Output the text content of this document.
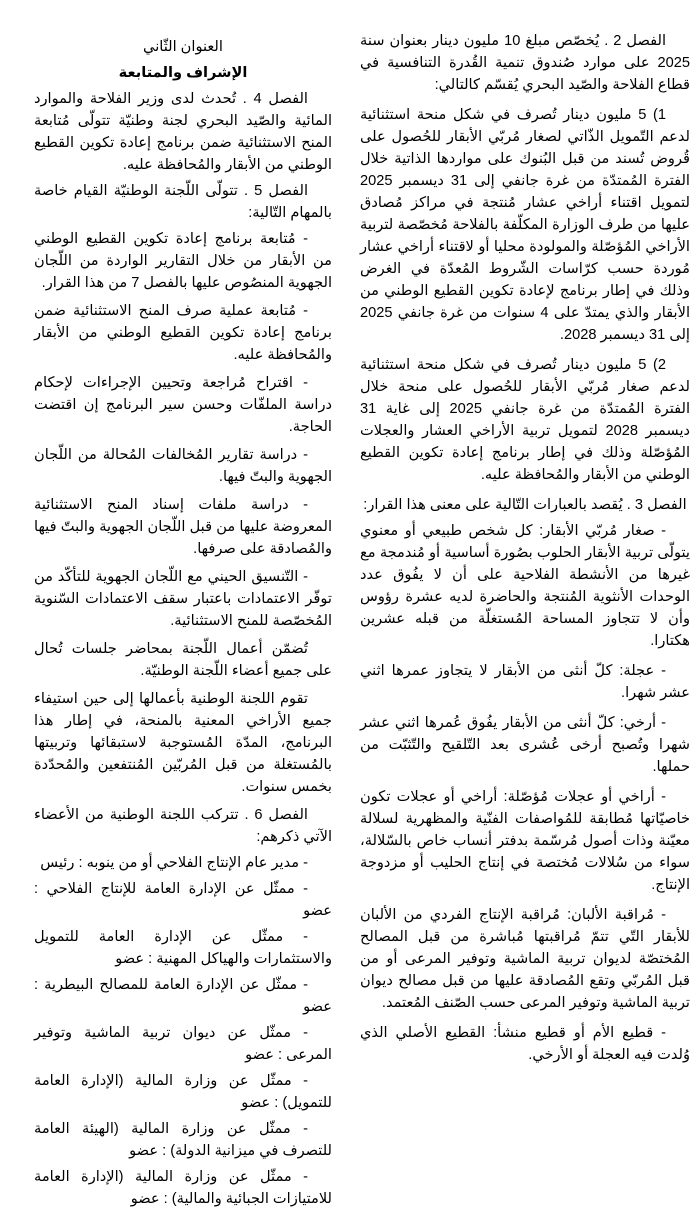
الفصل 2 . يُخصّص مبلغ 10 مليون دينار بعنوان سنة 2025 على موارد صُندوق تنمية القُدرة التنافسية في قطاع الفلاحة والصّيد البحري يُقسّم كالتالي:

1) 5 مليون دينار تُصرف في شكل منحة استثنائية لدعم التّمويل الذّاتي لصغار مُربّي الأبقار للحُصول على قُروض تُسند من قبل البُنوك على مواردها الذاتية خلال الفترة المُمتدّة من غرة جانفي إلى 31 ديسمبر 2025 لتمويل اقتناء أراخي عشار مُنتجة في مراكز مُصادق عليها من طرف الوزارة المكلّفة بالفلاحة مُخصّصة لتربية الأراخي المُؤصّلة والمولودة محليا أو لاقتناء أراخي عشار مُوردة حسب كرّاسات الشّروط المُعدّة في الغرض وذلك في إطار برنامج لإعادة تكوين القطيع الوطني من الأبقار والذي يمتدّ على 4 سنوات من غرة جانفي 2025 إلى 31 ديسمبر 2028.

2) 5 مليون دينار تُصرف في شكل منحة استثنائية لدعم صغار مُربّي الأبقار للحُصول على منحة خلال الفترة المُمتدّة من غرة جانفي 2025 إلى غاية 31 ديسمبر 2028 لتمويل تربية الأراخي العشار والعجلات المُؤصّلة وذلك في إطار برنامج إعادة تكوين القطيع الوطني من الأبقار والمُحافظة عليه.

الفصل 3 . يُقصد بالعبارات التّالية على معنى هذا القرار:

- صغار مُربّي الأبقار: كل شخص طبيعي أو معنوي يتولّى تربية الأبقار الحلوب بصُورة أساسية أو مُندمجة مع غيرها من الأنشطة الفلاحية على أن لا يفُوق عدد الوحدات الأنثوية المُنتجة والحاضرة لديه عشرة رؤوس وأن لا تتجاوز المساحة المُستغلّة من قبله عشرين هكتارا.

- عجلة: كلّ أنثى من الأبقار لا يتجاوز عمرها اثني عشر شهرا.

- أرخي: كلّ أنثى من الأبقار يفُوق عُمرها اثني عشر شهرا وتُصبح أرخى عُشرى بعد التّلقيح والتّثبّت من حملها.

- أراخي أو عجلات مُؤصّلة: أراخي أو عجلات تكون خاصيّاتها مُطابقة للمُواصفات الفنّية والمظهرية لسلالة معيّنة وذات أصول مُرسّمة بدفتر أنساب خاص بالسّلالة، سواء من سُلالات مُختصة في إنتاج الحليب أو مزدوجة الإنتاج.

- مُراقبة الألبان: مُراقبة الإنتاج الفردي من الألبان للأبقار التّي تتمّ مُراقبتها مُباشرة من قبل المصالح المُختصّة لديوان تربية الماشية وتوفير المرعى أو من قبل المُربّي وتقع المُصادقة عليها من قبل مصالح ديوان تربية الماشية وتوفير المرعى حسب الصّنف المُعتمد.

- قطيع الأم أو قطيع منشأ: القطيع الأصلي الذي وُلدت فيه العجلة أو الأرخي.

العنوان الثّاني

الإشراف والمتابعة

الفصل 4 . تُحدث لدى وزير الفلاحة والموارد المائية والصّيد البحري لجنة وطنيّة تتولّى مُتابعة المنح الاستثنائية ضمن برنامج إعادة تكوين القطيع الوطني من الأبقار والمُحافظة عليه.

الفصل 5 . تتولّى اللّجنة الوطنيّة القيام خاصة بالمهام التّالية:

- مُتابعة برنامج إعادة تكوين القطيع الوطني من الأبقار من خلال التقارير الواردة من اللّجان الجهوية المنصُوص عليها بالفصل 7 من هذا القرار.

- مُتابعة عملية صرف المنح الاستثنائية ضمن برنامج إعادة تكوين القطيع الوطني من الأبقار والمُحافظة عليه.

- اقتراح مُراجعة وتحيين الإجراءات لإحكام دراسة الملفّات وحسن سير البرنامج إن اقتضت الحاجة.

- دراسة تقارير المُخالفات المُحالة من اللّجان الجهوية والبتّ فيها.

- دراسة ملفات إسناد المنح الاستثنائية المعروضة عليها من قبل اللّجان الجهوية والبتّ فيها والمُصادقة على صرفها.

- التّنسيق الحيني مع اللّجان الجهوية للتأكّد من توفّر الاعتمادات باعتبار سقف الاعتمادات السّنوية المُخصّصة للمنح الاستثنائية.

تُضمّن أعمال اللّجنة بمحاضر جلسات تُحال على جميع أعضاء اللّجنة الوطنيّة.

تقوم اللجنة الوطنية بأعمالها إلى حين استيفاء جميع الأراخي المعنية بالمنحة، في إطار هذا البرنامج، المدّة المُستوجبة لاستبقائها وتربيتها بالمُستغلة من قبل المُربّين المُنتفعين والمُحدّدة بخمس سنوات.

الفصل 6 . تتركب اللجنة الوطنية من الأعضاء الآتي ذكرهم:

- مدير عام الإنتاج الفلاحي أو من ينوبه : رئيس

- ممثّل عن الإدارة العامة للإنتاج الفلاحي : عضو

- ممثّل عن الإدارة العامة للتمويل والاستثمارات والهياكل المهنية : عضو

- ممثّل عن الإدارة العامة للمصالح البيطرية : عضو

- ممثّل عن ديوان تربية الماشية وتوفير المرعى : عضو

- ممثّل عن وزارة المالية (الإدارة العامة للتمويل) : عضو

- ممثّل عن وزارة المالية (الهيئة العامة للتصرف في ميزانية الدولة) : عضو

- ممثّل عن وزارة المالية (الإدارة العامة للامتيازات الجبائية والمالية) : عضو
